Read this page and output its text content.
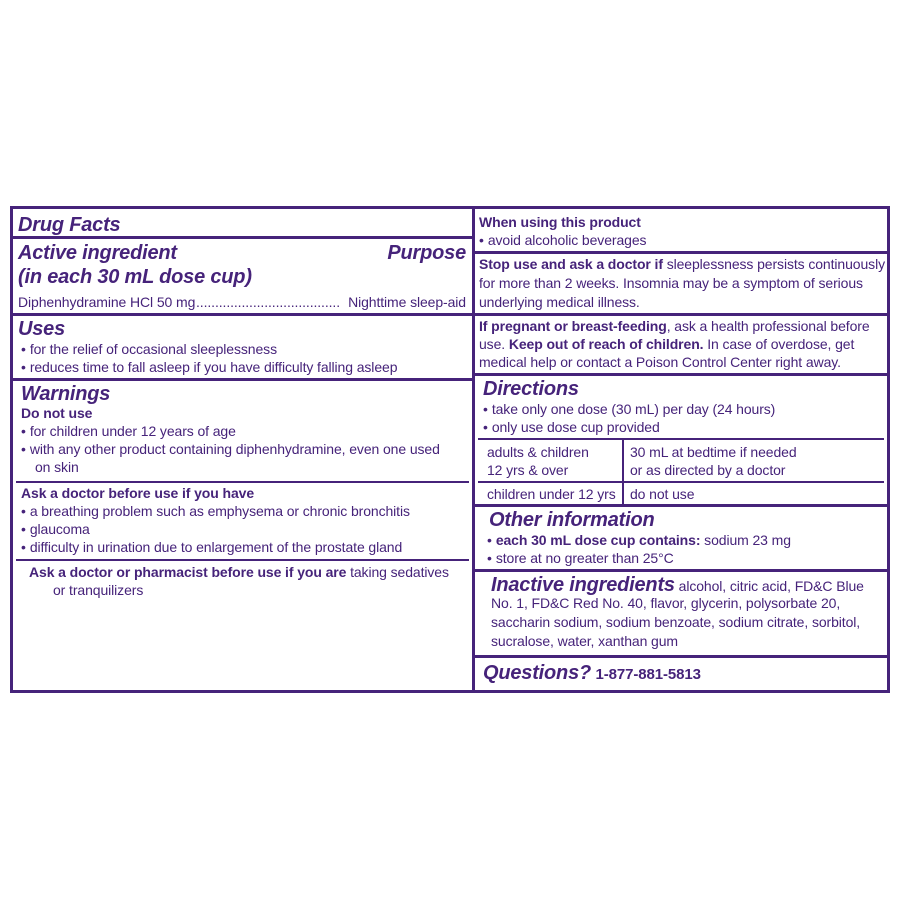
Drug Facts
Active ingredient	Purpose
(in each 30 mL dose cup)
Diphenhydramine HCl 50 mg ...................................... Nighttime sleep-aid
Uses
• for the relief of occasional sleeplessness
• reduces time to fall asleep if you have difficulty falling asleep
Warnings
Do not use
• for children under 12 years of age
• with any other product containing diphenhydramine, even one used
on skin
Ask a doctor before use if you have
• a breathing problem such as emphysema or chronic bronchitis
• glaucoma
• difficulty in urination due to enlargement of the prostate gland
Ask a doctor or pharmacist before use if you are taking sedatives
or tranquilizers
When using this product
• avoid alcoholic beverages
Stop use and ask a doctor if sleeplessness persists continuously
for more than 2 weeks. Insomnia may be a symptom of serious
underlying medical illness.
If pregnant or breast-feeding, ask a health professional before
use. Keep out of reach of children. In case of overdose, get
medical help or contact a Poison Control Center right away.
Directions
• take only one dose (30 mL) per day (24 hours)
• only use dose cup provided
adults & children
12 yrs & over
30 mL at bedtime if needed
or as directed by a doctor
children under 12 yrs do not use
Other information
• each 30 mL dose cup contains: sodium 23 mg
• store at no greater than 25°C
Inactive ingredients alcohol, citric acid, FD&C Blue
No. 1, FD&C Red No. 40, flavor, glycerin, polysorbate 20,
saccharin sodium, sodium benzoate, sodium citrate, sorbitol,
sucralose, water, xanthan gum
Questions? 1-877-881-5813
